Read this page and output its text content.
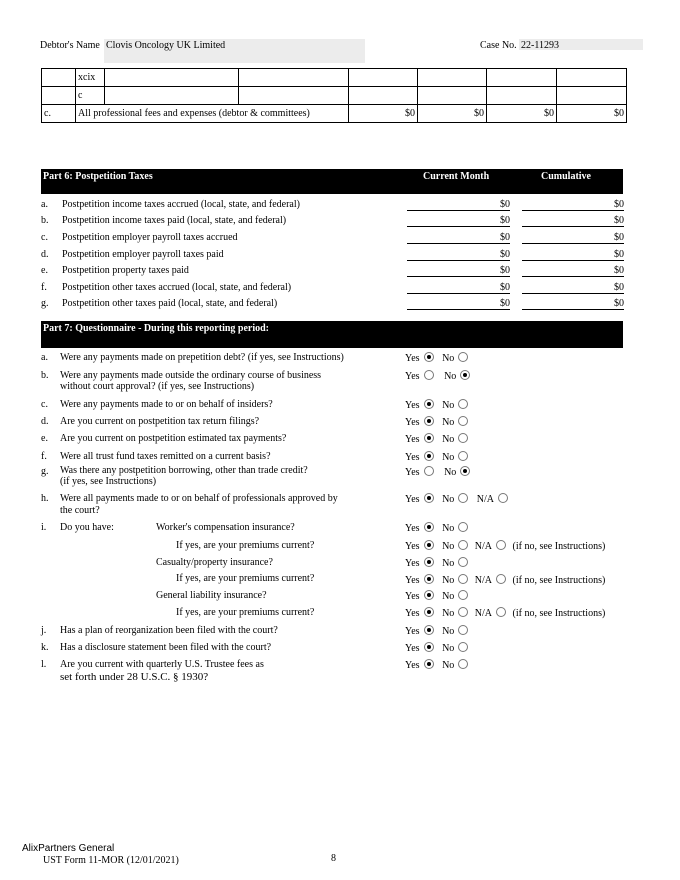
Debtor's Name Clovis Oncology UK Limited	Case No. 22-11293
	xcix						
	c						
c.	All professional fees and expenses (debtor & committees)			$0	$0	$0	$0
Part 6: Postpetition Taxes	Current Month	Cumulative
a. Postpetition income taxes accrued (local, state, and federal)	$0	$0
b. Postpetition income taxes paid (local, state, and federal)	$0	$0
c. Postpetition employer payroll taxes accrued	$0	$0
d. Postpetition employer payroll taxes paid	$0	$0
e. Postpetition property taxes paid	$0	$0
f. Postpetition other taxes accrued (local, state, and federal)	$0	$0
g. Postpetition other taxes paid (local, state, and federal)	$0	$0
Part 7: Questionnaire - During this reporting period:
a. Were any payments made on prepetition debt? (if yes, see Instructions)	Yes No
b. Were any payments made outside the ordinary course of business
without court approval? (if yes, see Instructions)
Yes No
c. Were any payments made to or on behalf of insiders?	Yes No
d. Are you current on postpetition tax return filings?	Yes No
e. Are you current on postpetition estimated tax payments?	Yes No
f. Were all trust fund taxes remitted on a current basis?	Yes No
g. Was there any postpetition borrowing, other than trade credit?
(if yes, see Instructions)
Yes No
h. Were all payments made to or on behalf of professionals approved by
the court?
Yes No N/A
i. Do you have:	Worker's compensation insurance?	Yes No
If yes, are your premiums current?	Yes No N/A (if no, see Instructions)
Casualty/property insurance?	Yes No
If yes, are your premiums current?	Yes No N/A (if no, see Instructions)
General liability insurance?	Yes No
If yes, are your premiums current?	Yes No N/A (if no, see Instructions)
j. Has a plan of reorganization been filed with the court?	Yes No
k. Has a disclosure statement been filed with the court?	Yes No
l. Are you current with quarterly U.S. Trustee fees as
set forth under 28 U.S.C. § 1930?
Yes No
AlixPartners General
UST Form 11-MOR (12/01/2021)	8
